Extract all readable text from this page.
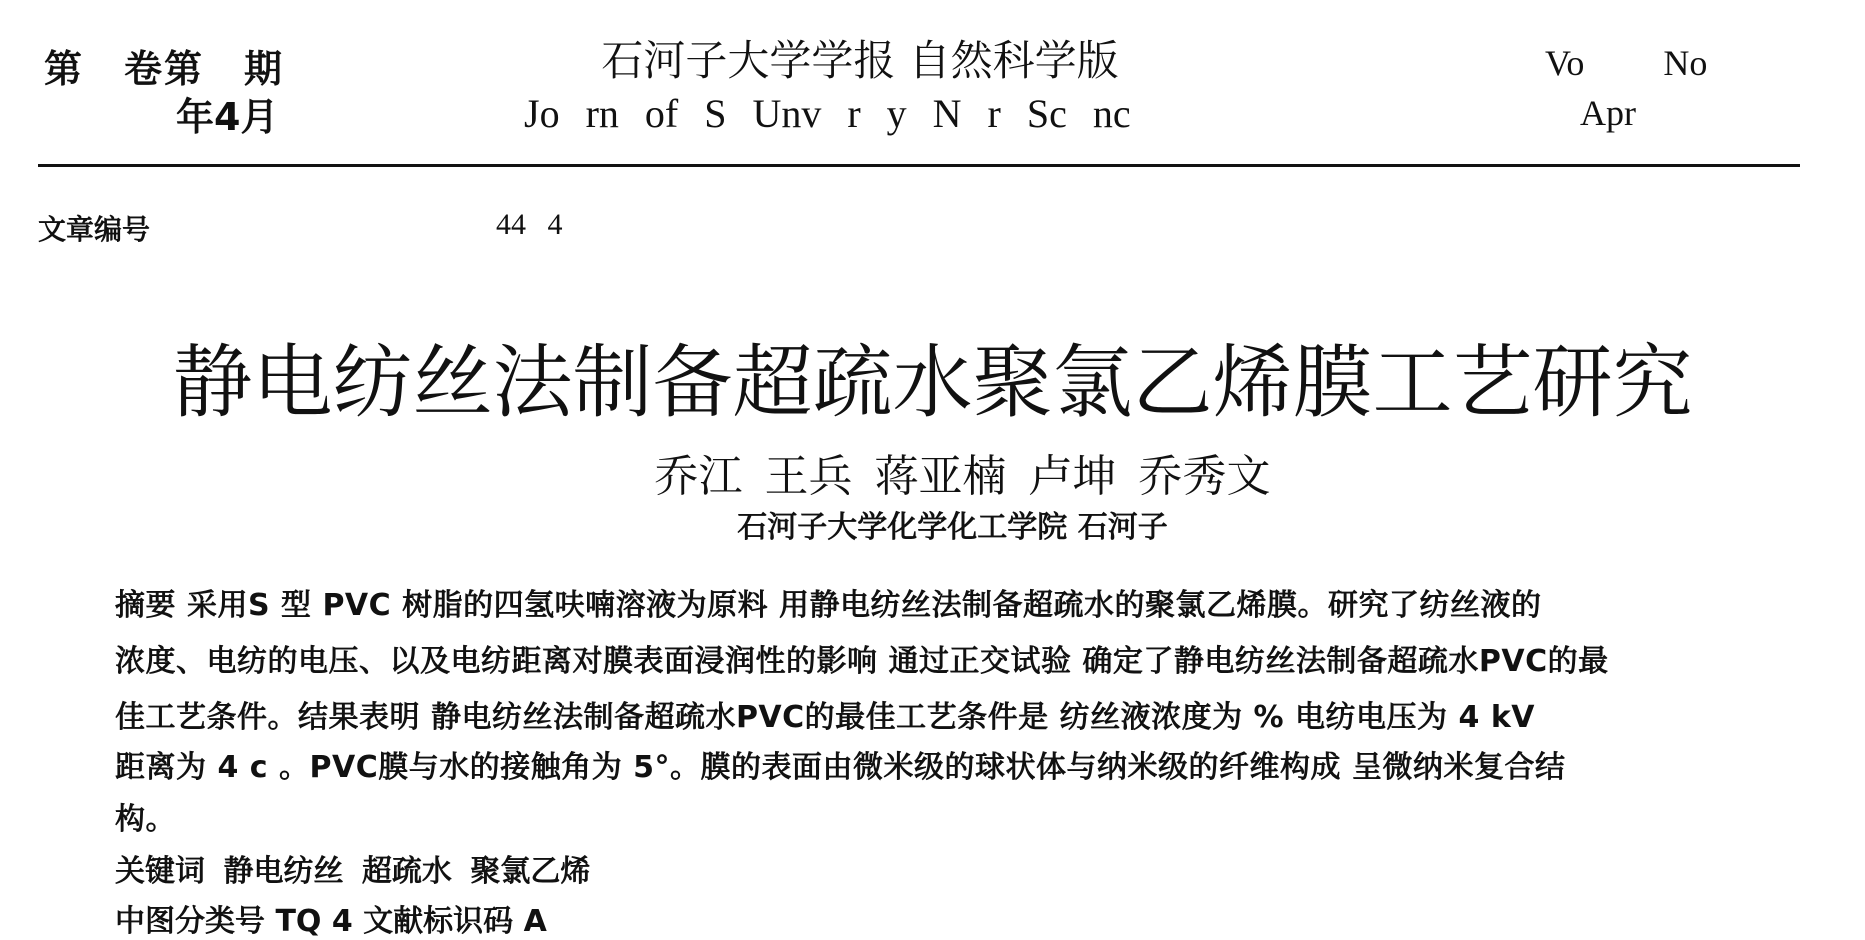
第　卷第　期
年4月
石河子大学学报 自然科学版
Jo rn of S Unv r y N r Sc nc
Vo No
Apr
文章编号	44 4
静电纺丝法制备超疏水聚氯乙烯膜工艺研究
乔江 王兵 蒋亚楠 卢坤 乔秀文
石河子大学化学化工学院 石河子
摘要 采用S 型 PVC 树脂的四氢呋喃溶液为原料 用静电纺丝法制备超疏水的聚氯乙烯膜。研究了纺丝液的
浓度、电纺的电压、以及电纺距离对膜表面浸润性的影响 通过正交试验 确定了静电纺丝法制备超疏水PVC的最
佳工艺条件。结果表明 静电纺丝法制备超疏水PVC的最佳工艺条件是 纺丝液浓度为 % 电纺电压为 4 kV
距离为 4 c 。PVC膜与水的接触角为 5°。膜的表面由微米级的球状体与纳米级的纤维构成 呈微纳米复合结
构。
关键词 静电纺丝 超疏水 聚氯乙烯
中图分类号 TQ 4 文献标识码 A
